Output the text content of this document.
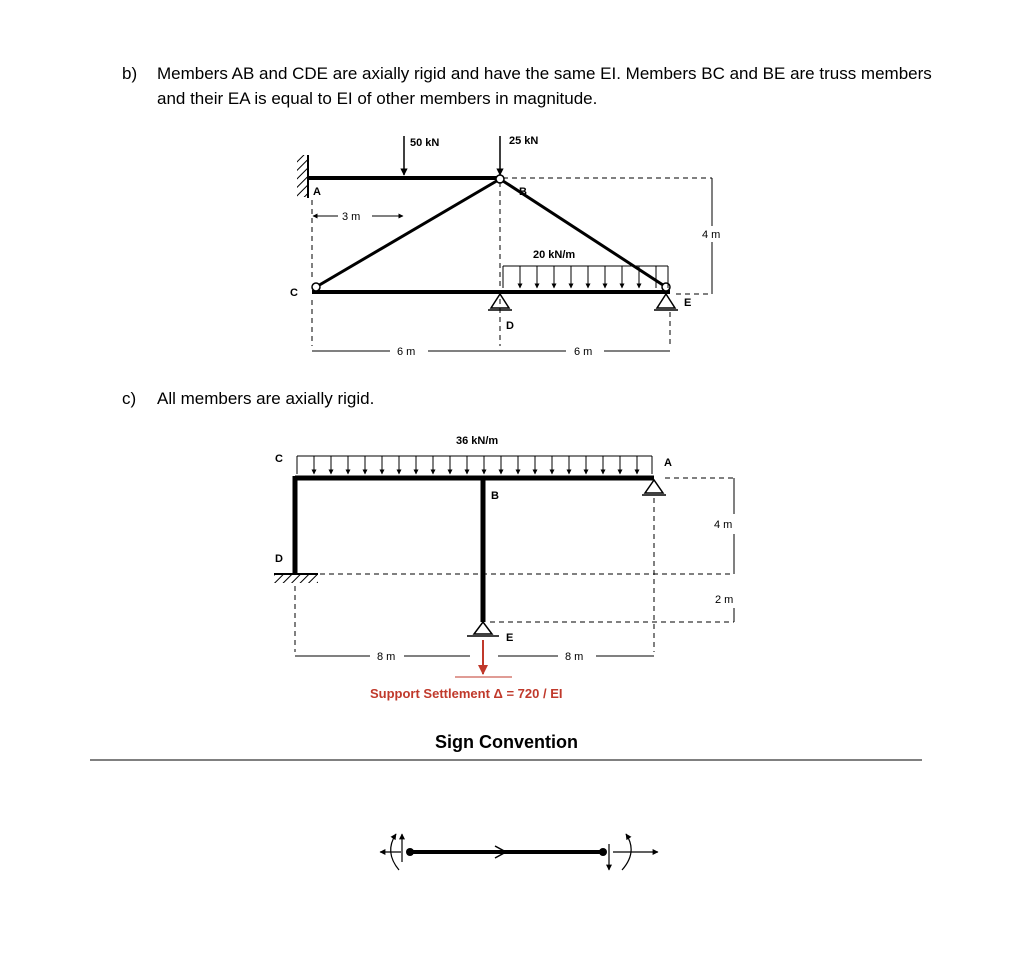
b) Members AB and CDE are axially rigid and have the same EI. Members BC and BE are truss members
and their EA is equal to EI of other members in magnitude.
c) All members are axially rigid.
Sign Convention
50 kN	25 kN
A	B
C
D
E
20 kN/m
3 m
4 m
6 m	6 m
36 kN/m
C	A
B
D
E
4 m
2 m
8 m	8 m
Support Settlement Δ = 720 / EI
